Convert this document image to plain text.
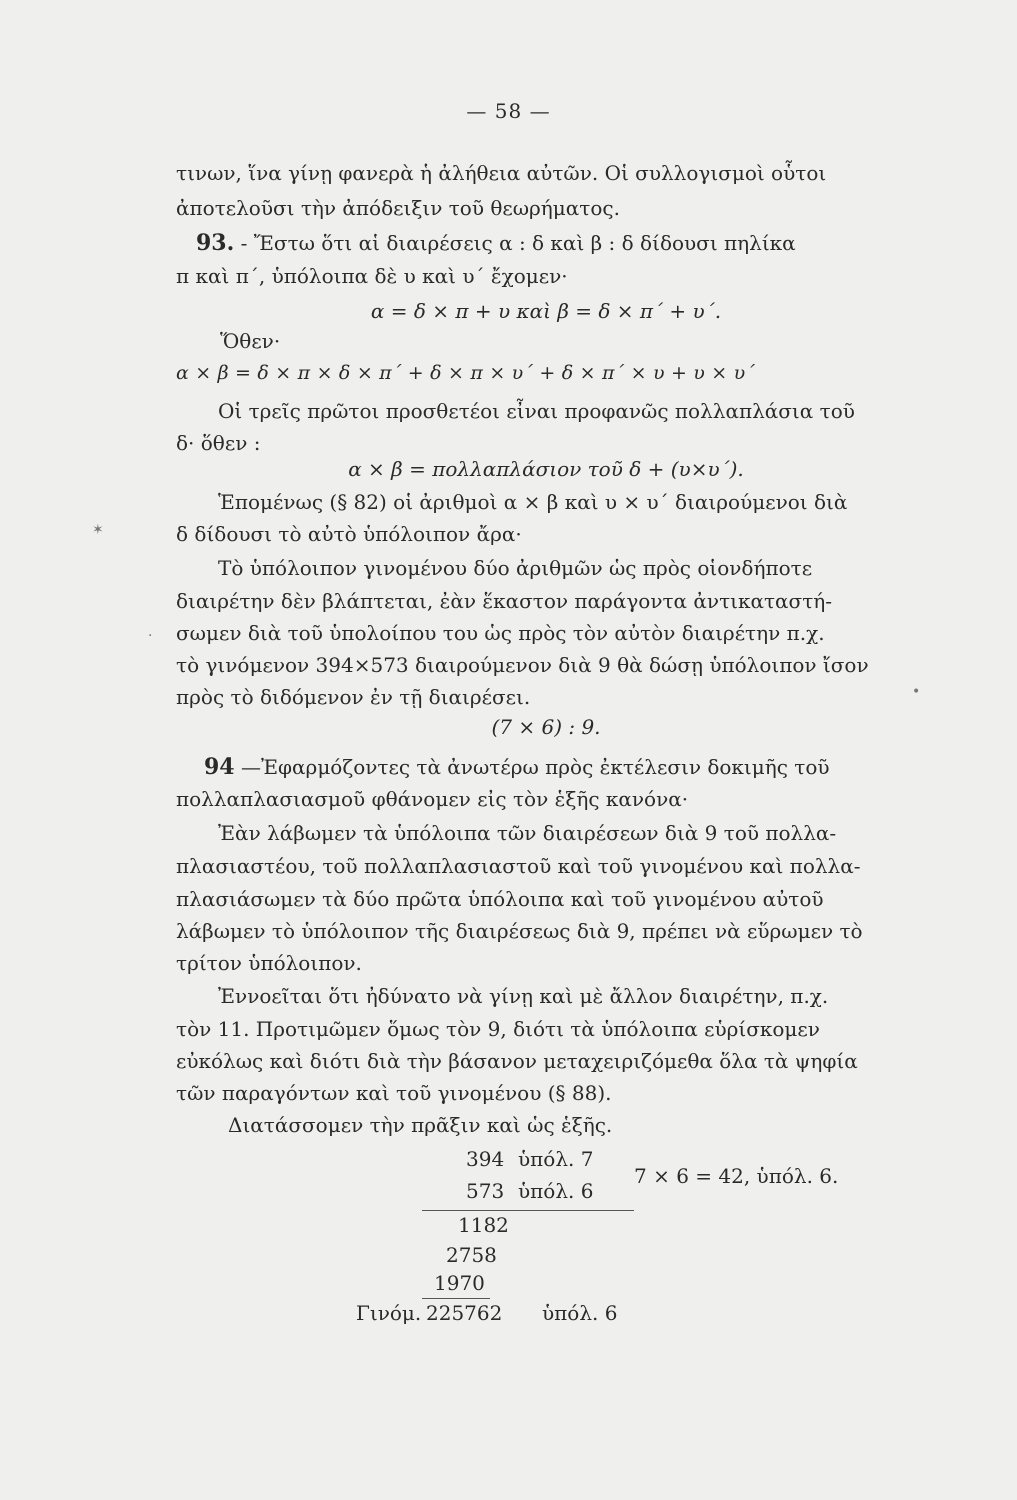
— 58 —
τινων, ἵνα γίνῃ φανερὰ ἡ ἀλήθεια αὐτῶν. Οἱ συλλογισμοὶ οὗτοι
ἀποτελοῦσι τὴν ἀπόδειξιν τοῦ θεωρήματος.
93. - Ἔστω ὅτι αἱ διαιρέσεις α : δ καὶ β : δ δίδουσι πηλίκα
π καὶ π΄, ὑπόλοιπα δὲ υ καὶ υ΄ ἔχομεν·
α = δ × π + υ καὶ β = δ × π΄ + υ΄.
Ὅθεν·
α × β = δ × π × δ × π΄ + δ × π × υ΄ + δ × π΄ × υ + υ × υ΄
Οἱ τρεῖς πρῶτοι προσθετέοι εἶναι προφανῶς πολλαπλάσια τοῦ
δ· ὅθεν :
α × β = πολλαπλάσιον τοῦ δ + (υ×υ΄).
Ἑπομένως (§ 82) οἱ ἀριθμοὶ α × β καὶ υ × υ΄ διαιρούμενοι διὰ
δ δίδουσι τὸ αὐτὸ ὑπόλοιπον ἄρα·
Τὸ ὑπόλοιπον γινομένου δύο ἀριθμῶν ὡς πρὸς οἱονδήποτε
διαιρέτην δὲν βλάπτεται, ἐὰν ἕκαστον παράγοντα ἀντικαταστή-
σωμεν διὰ τοῦ ὑπολοίπου του ὡς πρὸς τὸν αὐτὸν διαιρέτην π.χ.
τὸ γινόμενον 394×573 διαιρούμενον διὰ 9 θὰ δώσῃ ὑπόλοιπον ἴσον
πρὸς τὸ διδόμενον ἐν τῇ διαιρέσει.
(7 × 6) : 9.
94 —Ἐφαρμόζοντες τὰ ἀνωτέρω πρὸς ἐκτέλεσιν δοκιμῆς τοῦ
πολλαπλασιασμοῦ φθάνομεν εἰς τὸν ἑξῆς κανόνα·
Ἐὰν λάβωμεν τὰ ὑπόλοιπα τῶν διαιρέσεων διὰ 9 τοῦ πολλα-
πλασιαστέου, τοῦ πολλαπλασιαστοῦ καὶ τοῦ γινομένου καὶ πολλα-
πλασιάσωμεν τὰ δύο πρῶτα ὑπόλοιπα καὶ τοῦ γινομένου αὐτοῦ
λάβωμεν τὸ ὑπόλοιπον τῆς διαιρέσεως διὰ 9, πρέπει νὰ εὕρωμεν τὸ
τρίτον ὑπόλοιπον.
Ἐννοεῖται ὅτι ἠδύνατο νὰ γίνῃ καὶ μὲ ἄλλον διαιρέτην, π.χ.
τὸν 11. Προτιμῶμεν ὅμως τὸν 9, διότι τὰ ὑπόλοιπα εὑρίσκομεν
εὐκόλως καὶ διότι διὰ τὴν βάσανον μεταχειριζόμεθα ὅλα τὰ ψηφία
τῶν παραγόντων καὶ τοῦ γινομένου (§ 88).
Διατάσσομεν τὴν πρᾶξιν καὶ ὡς ἑξῆς.
394 ὑπόλ. 7
573 ὑπόλ. 6
7 × 6 = 42, ὑπόλ. 6.
1182
2758
1970
Γινόμ. 225762 ὑπόλ. 6
✶
·
•
